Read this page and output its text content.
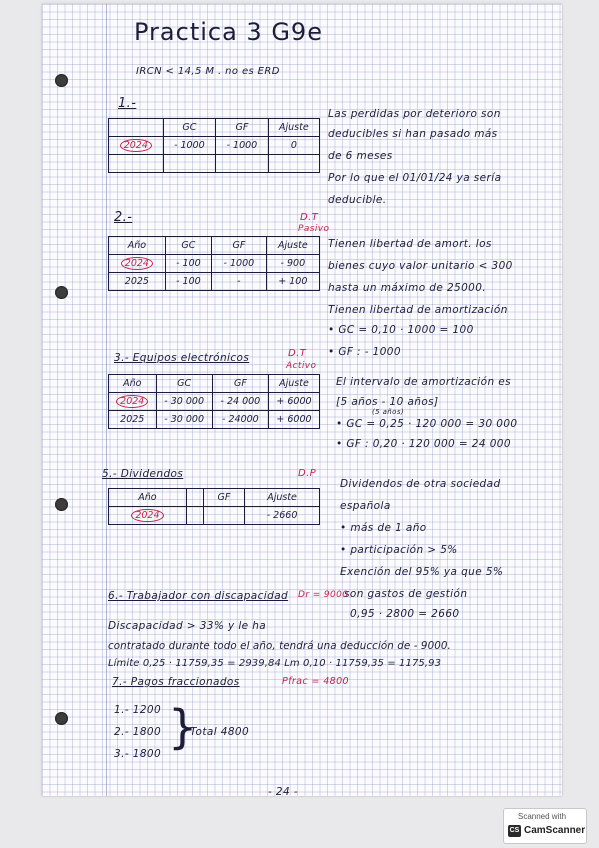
Practica 3 G9e
IRCN < 14,5 M . no es ERD
1.-
	GC	GF	Ajuste
2024	- 1000	- 1000	0

Las perdidas por deterioro son
deducibles si han pasado más
de 6 meses
Por lo que el 01/01/24 ya sería
deducible.
2.-	D.T
Pasivo
Año	GC	GF	Ajuste
2024	- 100	- 1000	- 900
2025	- 100	-	+ 100
Tienen libertad de amort. los
bienes cuyo valor unitario < 300
hasta un máximo de 25000.
Tienen libertad de amortización
• GC = 0,10 · 1000 = 100
• GF : - 1000
3.- Equipos electrónicos	D.T
Activo
Año	GC	GF	Ajuste
2024	- 30 000	- 24 000	+ 6000
2025	- 30 000	- 24000	+ 6000
El intervalo de amortización es
[5 años - 10 años]
(5 años)
• GC = 0,25 · 120 000 = 30 000
• GF : 0,20 · 120 000 = 24 000
5.- Dividendos	D.P
Año		GF	Ajuste
2024			- 2660
Dividendos de otra sociedad
española
• más de 1 año
• participación > 5%
Exención del 95% ya que 5%
son gastos de gestión
0,95 · 2800 = 2660
6.- Trabajador con discapacidad Dr = 9000
Discapacidad > 33% y le ha
contratado durante todo el año, tendrá una deducción de - 9000.
Límite 0,25 · 11759,35 = 2939,84 Lm 0,10 · 11759,35 = 1175,93
7.- Pagos fraccionados	Pfrac = 4800
1.- 1200
2.- 1800
3.- 1800 }
Total 4800
- 24 -
Scanned with
CS CamScanner
